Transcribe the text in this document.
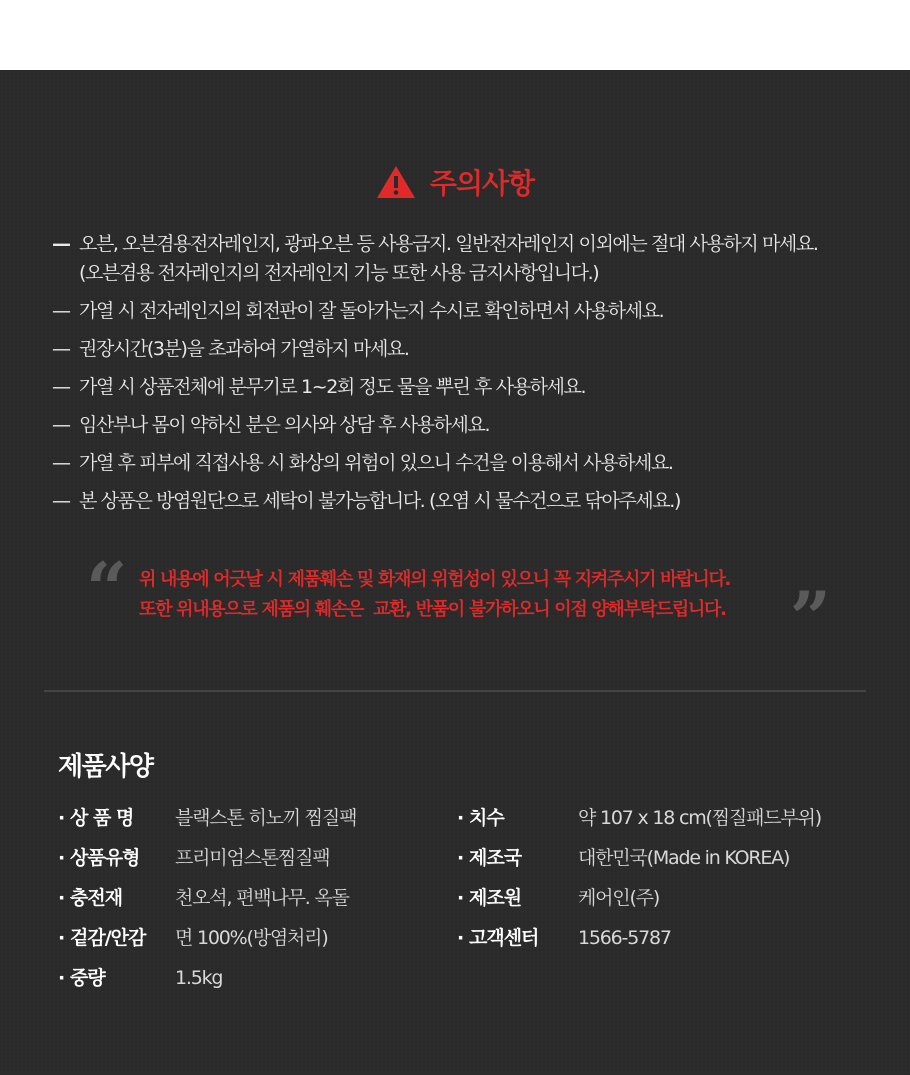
주의사항
— 오븐, 오븐겸용전자레인지, 광파오븐 등 사용금지. 일반전자레인지 이외에는 절대 사용하지 마세요.
(오븐겸용 전자레인지의 전자레인지 기능 또한 사용 금지사항입니다.)
— 가열 시 전자레인지의 회전판이 잘 돌아가는지 수시로 확인하면서 사용하세요.
— 권장시간(3분)을 초과하여 가열하지 마세요.
— 가열 시 상품전체에 분무기로 1~2회 정도 물을 뿌린 후 사용하세요.
— 임산부나 몸이 약하신 분은 의사와 상담 후 사용하세요.
— 가열 후 피부에 직접사용 시 화상의 위험이 있으니 수건을 이용해서 사용하세요.
— 본 상품은 방염원단으로 세탁이 불가능합니다. (오염 시 물수건으로 닦아주세요.)
“ 위 내용에 어긋날 시 제품훼손 및 화재의 위험성이 있으니 꼭 지켜주시기 바랍니다.
또한 위내용으로 제품의 훼손은  교환, 반품이 불가하오니 이점 양해부탁드립니다. ”
제품사양
· 상 품 명 블랙스톤 히노끼 찜질팩
· 상품유형 프리미엄스톤찜질팩
· 충전재	천오석, 편백나무. 옥돌
· 겉감/안감 면 100%(방염처리)
· 중량	1.5kg
· 치수	약 107 x 18 cm(찜질패드부위)
· 제조국	대한민국(Made in KOREA)
· 제조원	케어인(주)
· 고객센터 1566-5787
